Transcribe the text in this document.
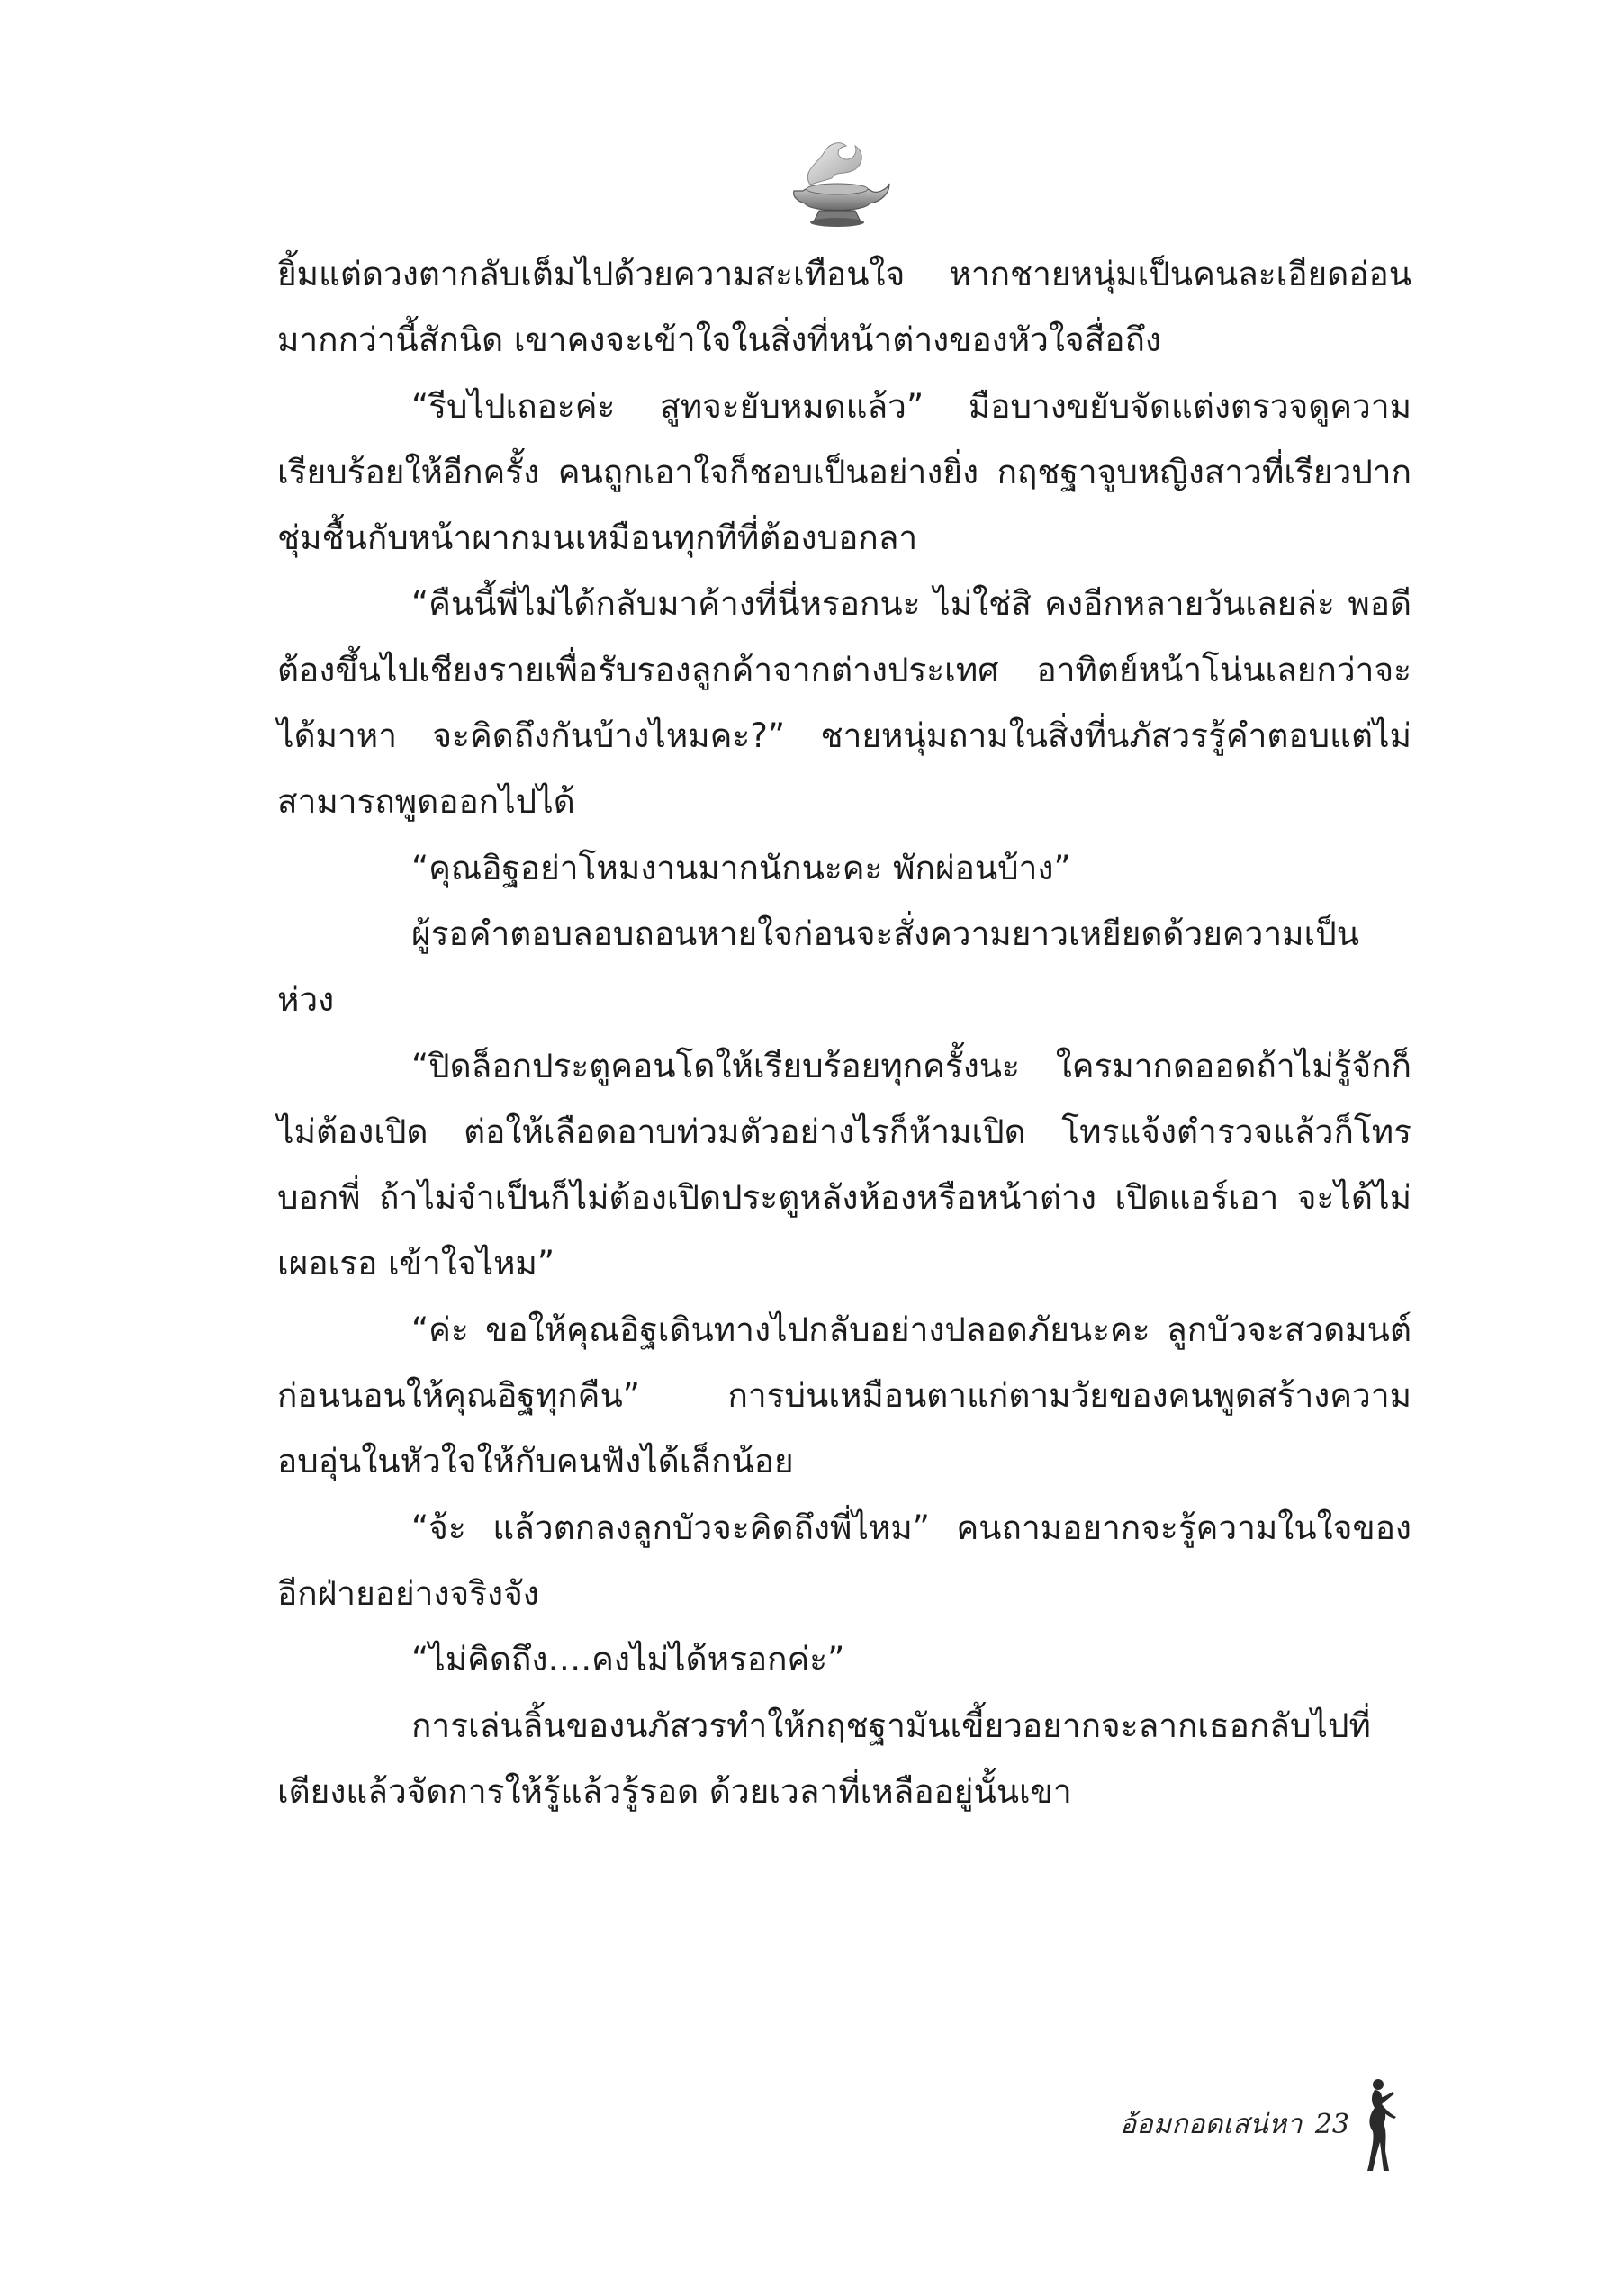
ยิ้มแต่ดวงตากลับเต็มไปด้วยความสะเทือนใจ หากชายหนุ่มเป็นคนละเอียดอ่อนมากกว่านี้สักนิด เขาคงจะเข้าใจในสิ่งที่หน้าต่างของหัวใจสื่อถึง

“รีบไปเถอะค่ะ สูทจะยับหมดแล้ว” มือบางขยับจัดแต่งตรวจดูความเรียบร้อยให้อีกครั้ง คนถูกเอาใจก็ชอบเป็นอย่างยิ่ง กฤชฐาจูบหญิงสาวที่เรียวปากชุ่มชื้นกับหน้าผากมนเหมือนทุกทีที่ต้องบอกลา

“คืนนี้พี่ไม่ได้กลับมาค้างที่นี่หรอกนะ ไม่ใช่สิ คงอีกหลายวันเลยล่ะ พอดีต้องขึ้นไปเชียงรายเพื่อรับรองลูกค้าจากต่างประเทศ อาทิตย์หน้าโน่นเลยกว่าจะได้มาหา จะคิดถึงกันบ้างไหมคะ?” ชายหนุ่มถามในสิ่งที่นภัสวรรู้คำตอบแต่ไม่สามารถพูดออกไปได้

“คุณอิฐอย่าโหมงานมากนักนะคะ พักผ่อนบ้าง”

ผู้รอคำตอบลอบถอนหายใจก่อนจะสั่งความยาวเหยียดด้วยความเป็นห่วง

“ปิดล็อกประตูคอนโดให้เรียบร้อยทุกครั้งนะ ใครมากดออดถ้าไม่รู้จักก็ไม่ต้องเปิด ต่อให้เลือดอาบท่วมตัวอย่างไรก็ห้ามเปิด โทรแจ้งตำรวจแล้วก็โทรบอกพี่ ถ้าไม่จำเป็นก็ไม่ต้องเปิดประตูหลังห้องหรือหน้าต่าง เปิดแอร์เอา จะได้ไม่เผอเรอ เข้าใจไหม”

“ค่ะ ขอให้คุณอิฐเดินทางไปกลับอย่างปลอดภัยนะคะ ลูกบัวจะสวดมนต์ก่อนนอนให้คุณอิฐทุกคืน” การบ่นเหมือนตาแก่ตามวัยของคนพูดสร้างความอบอุ่นในหัวใจให้กับคนฟังได้เล็กน้อย

“จ้ะ แล้วตกลงลูกบัวจะคิดถึงพี่ไหม” คนถามอยากจะรู้ความในใจของอีกฝ่ายอย่างจริงจัง

“ไม่คิดถึง….คงไม่ได้หรอกค่ะ”

การเล่นลิ้นของนภัสวรทำให้กฤชฐามันเขี้ยวอยากจะลากเธอกลับไปที่เตียงแล้วจัดการให้รู้แล้วรู้รอด ด้วยเวลาที่เหลืออยู่นั้นเขา

อ้อมกอดเสน่หา 23
